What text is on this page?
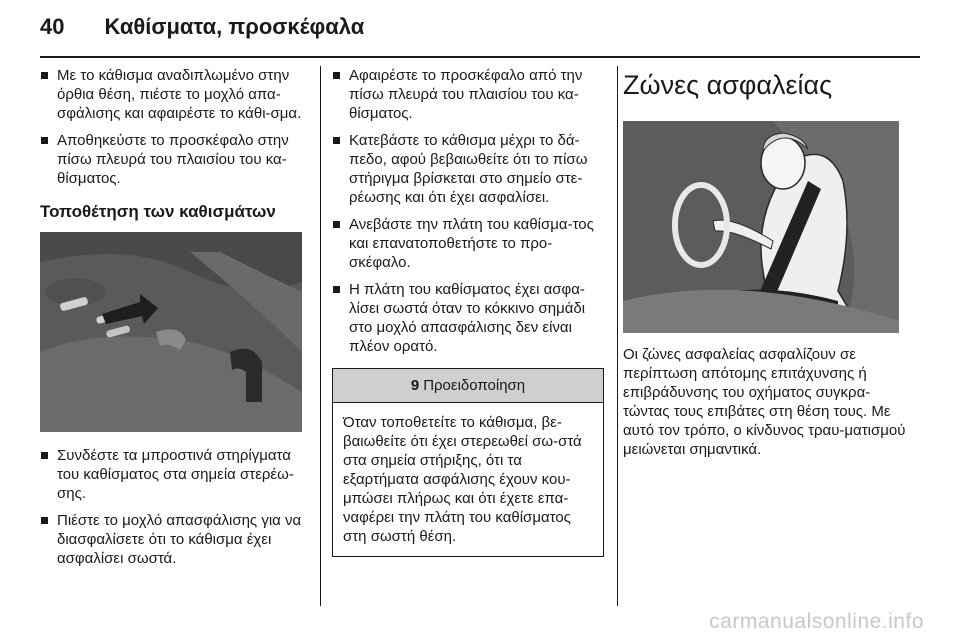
40 Καθίσματα, προσκέφαλα
Με το κάθισμα αναδιπλωμένο στην όρθια θέση, πιέστε το μοχλό απα-σφάλισης και αφαιρέστε το κάθι-σμα.
Αποθηκεύστε το προσκέφαλο στην πίσω πλευρά του πλαισίου του κα-θίσματος.
Τοποθέτηση των καθισμάτων
Συνδέστε τα μπροστινά στηρίγματα του καθίσματος στα σημεία στερέω-σης.
Πιέστε το μοχλό απασφάλισης για να διασφαλίσετε ότι το κάθισμα έχει ασφαλίσει σωστά.
Αφαιρέστε το προσκέφαλο από την πίσω πλευρά του πλαισίου του κα-θίσματος.
Κατεβάστε το κάθισμα μέχρι το δά-πεδο, αφού βεβαιωθείτε ότι το πίσω στήριγμα βρίσκεται στο σημείο στε-ρέωσης και ότι έχει ασφαλίσει.
Ανεβάστε την πλάτη του καθίσμα-τος και επανατοποθετήστε το προ-σκέφαλο.
Η πλάτη του καθίσματος έχει ασφα-λίσει σωστά όταν το κόκκινο σημάδι στο μοχλό απασφάλισης δεν είναι πλέον ορατό.
9 Προειδοποίηση
Όταν τοποθετείτε το κάθισμα, βε-βαιωθείτε ότι έχει στερεωθεί σω-στά στα σημεία στήριξης, ότι τα εξαρτήματα ασφάλισης έχουν κου-μπώσει πλήρως και ότι έχετε επα-ναφέρει την πλάτη του καθίσματος στη σωστή θέση.
Ζώνες ασφαλείας
Οι ζώνες ασφαλείας ασφαλίζουν σε περίπτωση απότομης επιτάχυνσης ή επιβράδυνσης του οχήματος συγκρα-τώντας τους επιβάτες στη θέση τους. Με αυτό τον τρόπο, ο κίνδυνος τραυ-ματισμού μειώνεται σημαντικά.
carmanualsonline.info
